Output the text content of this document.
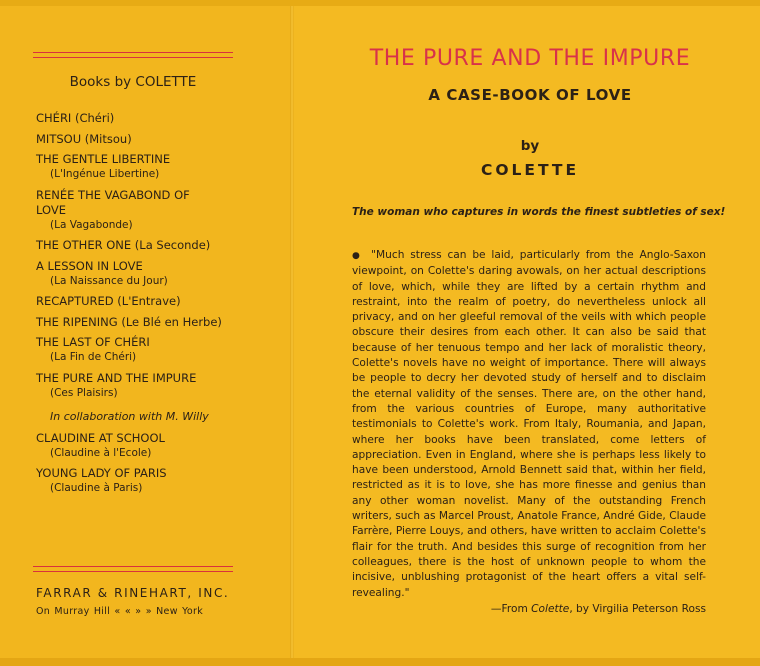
Books by COLETTE
CHÉRI (Chéri)
MITSOU (Mitsou)
THE GENTLE LIBERTINE
(L'Ingénue Libertine)
RENÉE THE VAGABOND OF LOVE
(La Vagabonde)
THE OTHER ONE (La Seconde)
A LESSON IN LOVE
(La Naissance du Jour)
RECAPTURED (L'Entrave)
THE RIPENING (Le Blé en Herbe)
THE LAST OF CHÉRI
(La Fin de Chéri)
THE PURE AND THE IMPURE
(Ces Plaisirs)
In collaboration with M. Willy
CLAUDINE AT SCHOOL
(Claudine à l'Ecole)
YOUNG LADY OF PARIS
(Claudine à Paris)
FARRAR & RINEHART, INC.
On Murray Hill « « » » New York
THE PURE AND THE IMPURE
A CASE-BOOK OF LOVE
by
COLETTE
The woman who captures in words the finest subtleties of sex!
● "Much stress can be laid, particularly from the Anglo-Saxon viewpoint, on Colette's daring avowals, on her actual descriptions of love, which, while they are lifted by a certain rhythm and restraint, into the realm of poetry, do nevertheless unlock all privacy, and on her gleeful removal of the veils with which people obscure their desires from each other. It can also be said that because of her tenuous tempo and her lack of moralistic theory, Colette's novels have no weight of importance. There will always be people to decry her devoted study of herself and to disclaim the eternal validity of the senses. There are, on the other hand, from the various countries of Europe, many authoritative testimonials to Colette's work. From Italy, Roumania, and Japan, where her books have been translated, come letters of appreciation. Even in England, where she is perhaps less likely to have been understood, Arnold Bennett said that, within her field, restricted as it is to love, she has more finesse and genius than any other woman novelist. Many of the outstanding French writers, such as Marcel Proust, Anatole France, André Gide, Claude Farrère, Pierre Louys, and others, have written to acclaim Colette's flair for the truth. And besides this surge of recognition from her colleagues, there is the host of unknown people to whom the incisive, unblushing protagonist of the heart offers a vital self-revealing."
—From Colette, by Virgilia Peterson Ross
